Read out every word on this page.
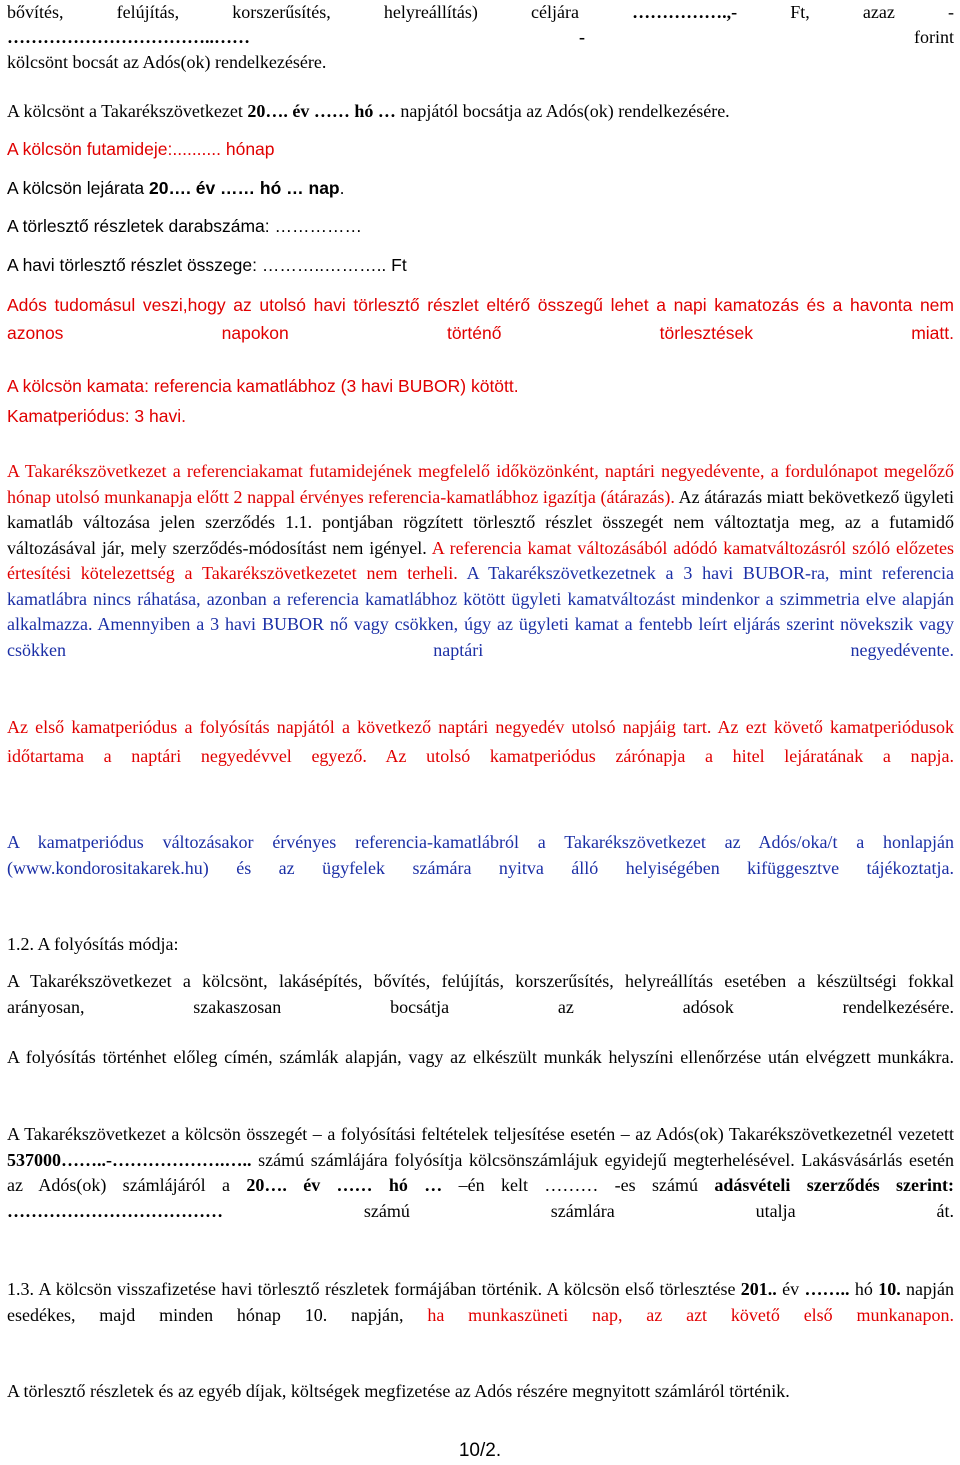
bővítés, felújítás, korszerűsítés, helyreállítás) céljára …………….,- Ft, azaz -

……………………………..…… - forint

kölcsönt bocsát az Adós(ok) rendelkezésére.

A kölcsönt a Takarékszövetkezet 20…. év …… hó … napjától bocsátja az Adós(ok) rendelkezésére.

A kölcsön futamideje:.......... hónap

A kölcsön lejárata 20…. év …… hó … nap.

A törlesztő részletek darabszáma: ……………

A havi törlesztő részlet összege: ………..……….. Ft

Adós tudomásul veszi,hogy az utolsó havi törlesztő részlet eltérő összegű lehet a napi kamatozás és a havonta nem azonos napokon történő törlesztések miatt.

A kölcsön kamata: referencia kamatlábhoz (3 havi BUBOR) kötött.

Kamatperiódus: 3 havi.

A Takarékszövetkezet a referenciakamat futamidejének megfelelő időközönként, naptári negyedévente, a fordulónapot megelőző hónap utolsó munkanapja előtt 2 nappal érvényes referencia-kamatlábhoz igazítja (átárazás). Az átárazás miatt bekövetkező ügyleti kamatláb változása jelen szerződés 1.1. pontjában rögzített törlesztő részlet összegét nem változtatja meg, az a futamidő változásával jár, mely szerződés-módosítást nem igényel. A referencia kamat változásából adódó kamatváltozásról szóló előzetes értesítési kötelezettség a Takarékszövetkezetet nem terheli. A Takarékszövetkezetnek a 3 havi BUBOR-ra, mint referencia kamatlábra nincs ráhatása, azonban a referencia kamatlábhoz kötött ügyleti kamatváltozást mindenkor a szimmetria elve alapján alkalmazza. Amennyiben a 3 havi BUBOR nő vagy csökken, úgy az ügyleti kamat a fentebb leírt eljárás szerint növekszik vagy csökken naptári negyedévente.

Az első kamatperiódus a folyósítás napjától a következő naptári negyedév utolsó napjáig tart. Az ezt követő kamatperiódusok időtartama a naptári negyedévvel egyező. Az utolsó kamatperiódus zárónapja a hitel lejáratának a napja.

A kamatperiódus változásakor érvényes referencia-kamatlábról a Takarékszövetkezet az Adós/oka/t a honlapján (www.kondorositakarek.hu) és az ügyfelek számára nyitva álló helyiségében kifüggesztve tájékoztatja.

1.2. A folyósítás módja:

A Takarékszövetkezet a kölcsönt, lakásépítés, bővítés, felújítás, korszerűsítés, helyreállítás esetében a készültségi fokkal arányosan, szakaszosan bocsátja az adósok rendelkezésére.

A folyósítás történhet előleg címén, számlák alapján, vagy az elkészült munkák helyszíni ellenőrzése után elvégzett munkákra.

A Takarékszövetkezet a kölcsön összegét – a folyósítási feltételek teljesítése esetén – az Adós(ok) Takarékszövetkezetnél vezetett 537000……..-……………….….. számú számlájára folyósítja kölcsönszámlájuk egyidejű megterhelésével. Lakásvásárlás esetén az Adós(ok) számlájáról a 20…. év …… hó … –én kelt ……… -es számú adásvételi szerződés szerint: ……………………………… számú számlára utalja át.

1.3. A kölcsön visszafizetése havi törlesztő részletek formájában történik. A kölcsön első törlesztése 201.. év …….. hó 10. napján esedékes, majd minden hónap 10. napján, ha munkaszüneti nap, az azt követő első munkanapon.

A törlesztő részletek és az egyéb díjak, költségek megfizetése az Adós részére megnyitott számláról történik.

10/2.
